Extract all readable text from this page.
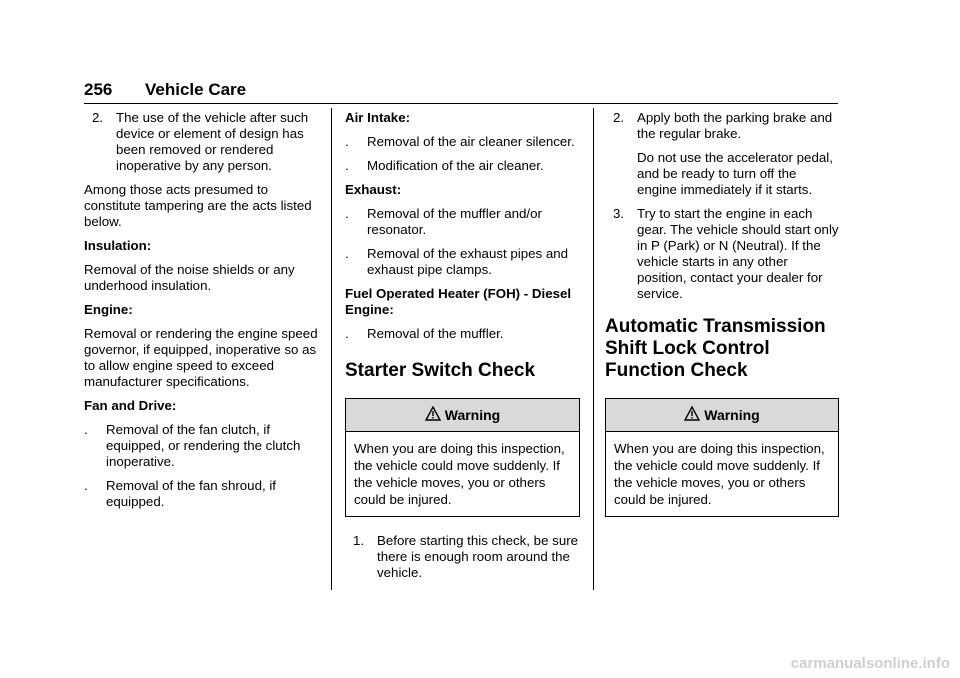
256 Vehicle Care
2. The use of the vehicle after such device or element of design has been removed or rendered inoperative by any person.

Among those acts presumed to constitute tampering are the acts listed below.

Insulation:

Removal of the noise shields or any underhood insulation.

Engine:

Removal or rendering the engine speed governor, if equipped, inoperative so as to allow engine speed to exceed manufacturer specifications.

Fan and Drive:

.	Removal of the fan clutch, if equipped, or rendering the clutch inoperative.
.	Removal of the fan shroud, if equipped.

Air Intake:

.	Removal of the air cleaner silencer.
.	Modification of the air cleaner.

Exhaust:

.	Removal of the muffler and/or resonator.
.	Removal of the exhaust pipes and exhaust pipe clamps.

Fuel Operated Heater (FOH) - Diesel Engine:

.	Removal of the muffler.
Starter Switch Check
Warning
When you are doing this inspection, the vehicle could move suddenly. If the vehicle moves, you or others could be injured.
1. Before starting this check, be sure there is enough room around the vehicle.
2. Apply both the parking brake and the regular brake.

Do not use the accelerator pedal, and be ready to turn off the engine immediately if it starts.

3. Try to start the engine in each gear. The vehicle should start only in P (Park) or N (Neutral). If the vehicle starts in any other position, contact your dealer for service.
Automatic Transmission Shift Lock Control Function Check
Warning
When you are doing this inspection, the vehicle could move suddenly. If the vehicle moves, you or others could be injured.
carmanualsonline.info
